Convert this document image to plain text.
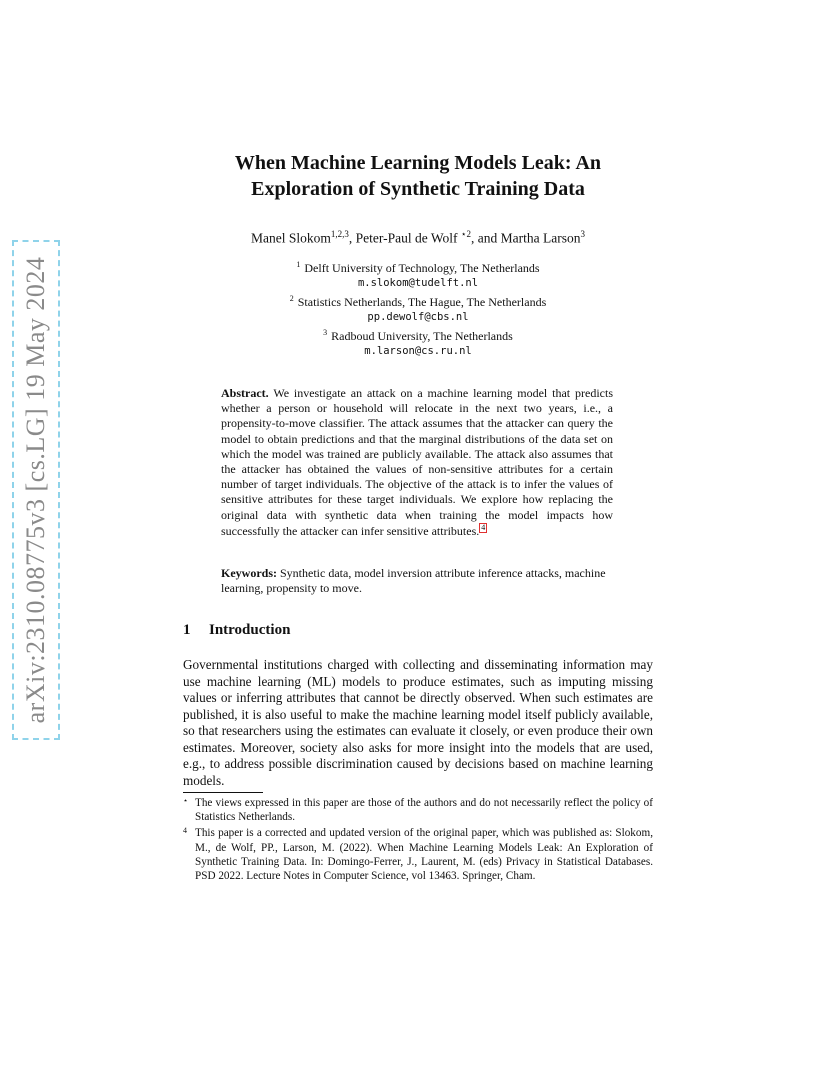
arXiv:2310.08775v3 [cs.LG] 19 May 2024
When Machine Learning Models Leak: An
Exploration of Synthetic Training Data
Manel Slokom$^{1,2,3}$, Peter-Paul de Wolf $^{⋆2}$, and Martha Larson$^3$
$^1$ Delft University of Technology, The Netherlands
m.slokom@tudelft.nl
$^2$ Statistics Netherlands, The Hague, The Netherlands
pp.dewolf@cbs.nl
$^3$ Radboud University, The Netherlands
m.larson@cs.ru.nl
Abstract. We investigate an attack on a machine learning model that predicts whether a person or household will relocate in the next two years, i.e., a propensity-to-move classifier. The attack assumes that the attacker can query the model to obtain predictions and that the marginal distributions of the data set on which the model was trained are publicly available. The attack also assumes that the attacker has obtained the values of non-sensitive attributes for a certain number of target individuals. The objective of the attack is to infer the values of sensitive attributes for these target individuals. We explore how replacing the original data with synthetic data when training the model impacts how successfully the attacker can infer sensitive attributes. 4
Keywords: Synthetic data, model inversion attribute inference attacks, machine learning, propensity to move.
1 Introduction
Governmental institutions charged with collecting and disseminating information may use machine learning (ML) models to produce estimates, such as imputing missing values or inferring attributes that cannot be directly observed. When such estimates are published, it is also useful to make the machine learning model itself publicly available, so that researchers using the estimates can evaluate it closely, or even produce their own estimates. Moreover, society also asks for more insight into the models that are used, e.g., to address possible discrimination caused by decisions based on machine learning models.
⋆ The views expressed in this paper are those of the authors and do not necessarily reflect the policy of Statistics Netherlands.
4 This paper is a corrected and updated version of the original paper, which was published as: Slokom, M., de Wolf, PP., Larson, M. (2022). When Machine Learning Models Leak: An Exploration of Synthetic Training Data. In: Domingo-Ferrer, J., Laurent, M. (eds) Privacy in Statistical Databases. PSD 2022. Lecture Notes in Computer Science, vol 13463. Springer, Cham.
